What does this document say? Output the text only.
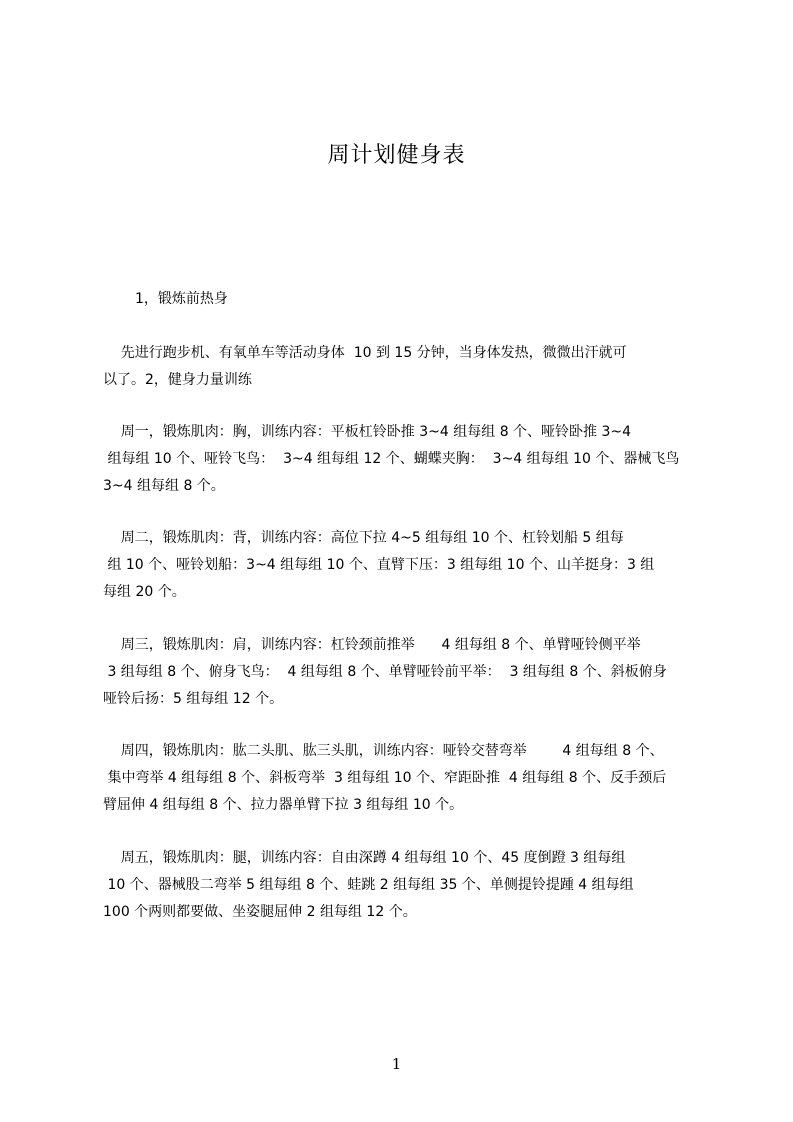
周计划健身表
1，锻炼前热身
先进行跑步机、有氧单车等活动身体  10 到 15 分钟，当身体发热，微微出汗就可
以了。2，健身力量训练
周一，锻炼肌肉：胸，训练内容：平板杠铃卧推 3~4 组每组 8 个、哑铃卧推 3~4
组每组 10 个、哑铃飞鸟：  3~4 组每组 12 个、蝴蝶夹胸：  3~4 组每组 10 个、器械飞鸟
3~4 组每组 8 个。
周二，锻炼肌肉：背，训练内容：高位下拉 4~5 组每组 10 个、杠铃划船 5 组每
组 10 个、哑铃划船：3~4 组每组 10 个、直臂下压：3 组每组 10 个、山羊挺身：3 组
每组 20 个。
周三，锻炼肌肉：肩，训练内容：杠铃颈前推举      4 组每组 8 个、单臂哑铃侧平举
3 组每组 8 个、俯身飞鸟：  4 组每组 8 个、单臂哑铃前平举：  3 组每组 8 个、斜板俯身
哑铃后扬：5 组每组 12 个。
周四，锻炼肌肉：肱二头肌、肱三头肌，训练内容：哑铃交替弯举        4 组每组 8 个、
集中弯举 4 组每组 8 个、斜板弯举  3 组每组 10 个、窄距卧推  4 组每组 8 个、反手颈后
臂屈伸 4 组每组 8 个、拉力器单臂下拉 3 组每组 10 个。
周五，锻炼肌肉：腿，训练内容：自由深蹲 4 组每组 10 个、45 度倒蹬 3 组每组
10 个、器械股二弯举 5 组每组 8 个、蛙跳 2 组每组 35 个、单侧提铃提踵 4 组每组
100 个两则都要做、坐姿腿屈伸 2 组每组 12 个。
1
